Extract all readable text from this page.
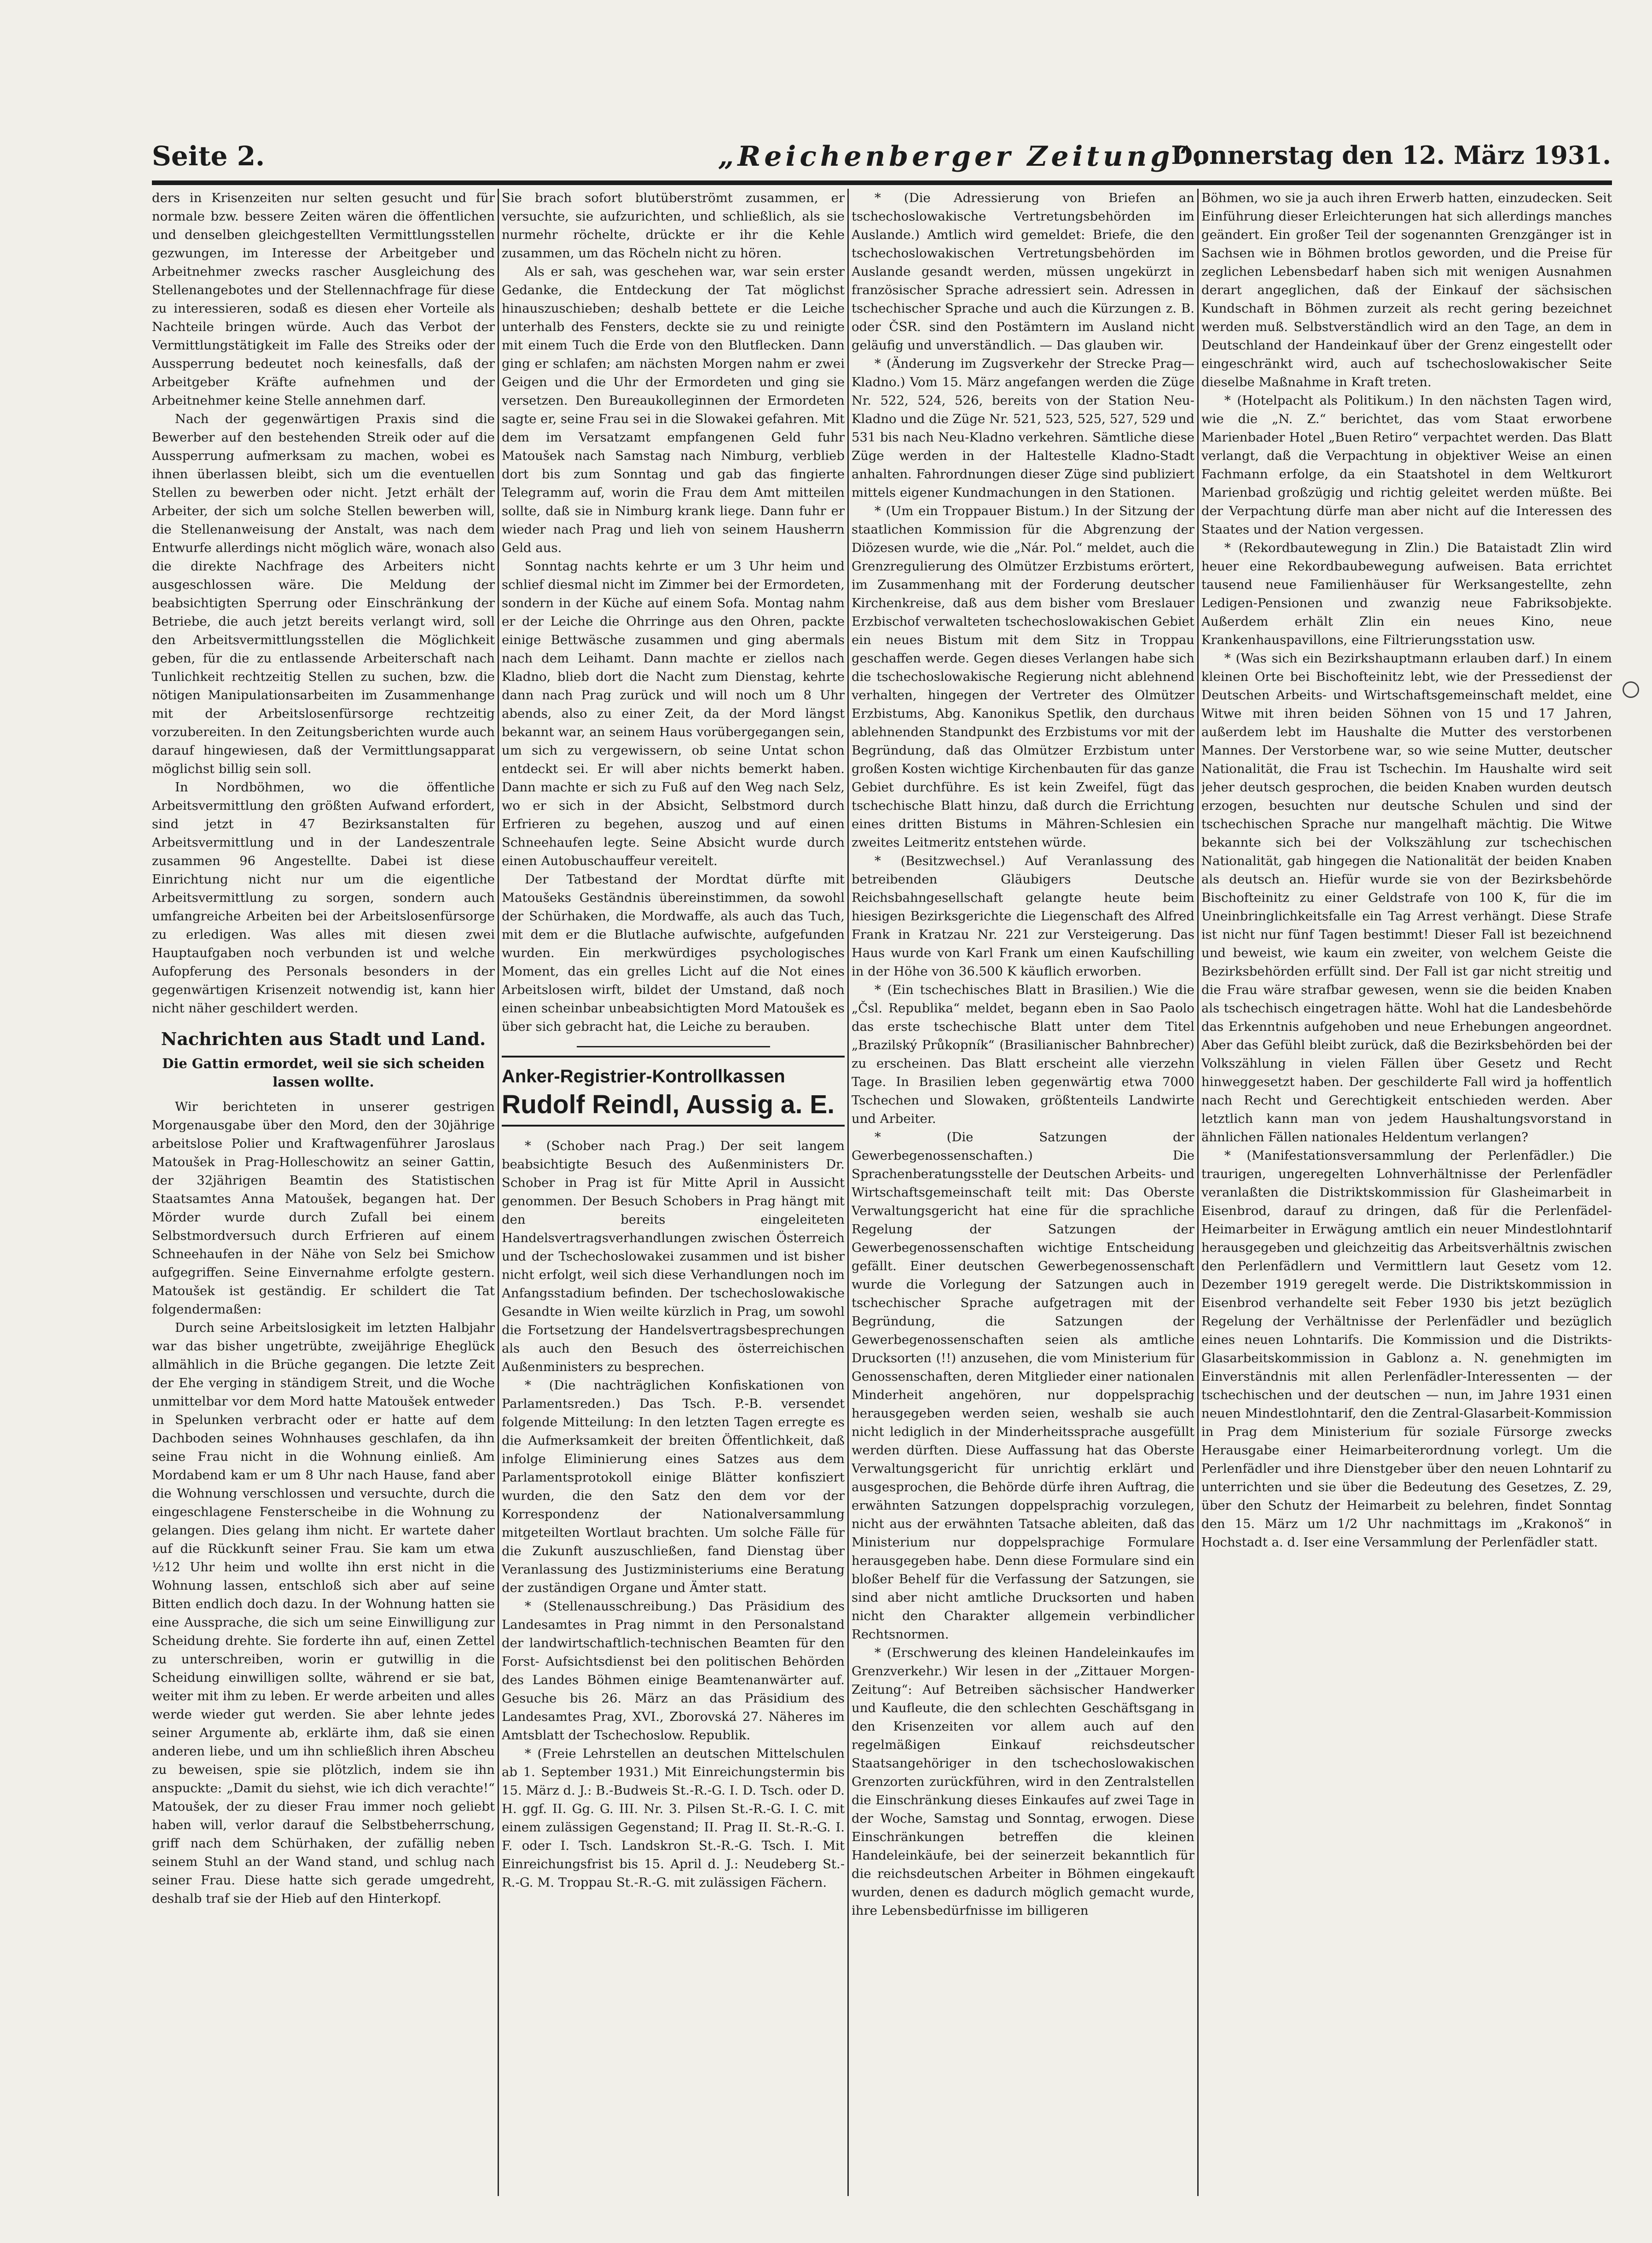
Seite 2.	„Reichenberger Zeitung“.
Donnerstag den 12. März 1931.

ders in Krisenzeiten nur selten gesucht und für normale bzw. bessere Zeiten wären die öffentlichen und denselben gleichgestellten Vermittlungsstellen gezwungen, im Interesse der Arbeitgeber und Arbeitnehmer zwecks rascher Ausgleichung des Stellenangebotes und der Stellennachfrage für diese zu interessieren, sodaß es diesen eher Vorteile als Nachteile bringen würde. Auch das Verbot der Vermittlungstätigkeit im Falle des Streiks oder der Aussperrung bedeutet noch keinesfalls, daß der Arbeitgeber Kräfte aufnehmen und der Arbeitnehmer keine Stelle annehmen darf.

Nach der gegenwärtigen Praxis sind die Bewerber auf den bestehenden Streik oder auf die Aussperrung aufmerksam zu machen, wobei es ihnen überlassen bleibt, sich um die eventuellen Stellen zu bewerben oder nicht. Jetzt erhält der Arbeiter, der sich um solche Stellen bewerben will, die Stellenanweisung der Anstalt, was nach dem Entwurfe allerdings nicht möglich wäre, wonach also die direkte Nachfrage des Arbeiters nicht ausgeschlossen wäre. Die Meldung der beabsichtigten Sperrung oder Einschränkung der Betriebe, die auch jetzt bereits verlangt wird, soll den Arbeitsvermittlungsstellen die Möglichkeit geben, für die zu entlassende Arbeiterschaft nach Tunlichkeit rechtzeitig Stellen zu suchen, bzw. die nötigen Manipulationsarbeiten im Zusammenhange mit der Arbeitslosenfürsorge rechtzeitig vorzubereiten. In den Zeitungsberichten wurde auch darauf hingewiesen, daß der Vermittlungsapparat möglichst billig sein soll.

In Nordböhmen, wo die öffentliche Arbeitsvermittlung den größten Aufwand erfordert, sind jetzt in 47 Bezirksanstalten für Arbeitsvermittlung und in der Landeszentrale zusammen 96 Angestellte. Dabei ist diese Einrichtung nicht nur um die eigentliche Arbeitsvermittlung zu sorgen, sondern auch umfangreiche Arbeiten bei der Arbeitslosenfürsorge zu erledigen. Was alles mit diesen zwei Hauptaufgaben noch verbunden ist und welche Aufopferung des Personals besonders in der gegenwärtigen Krisenzeit notwendig ist, kann hier nicht näher geschildert werden.

Nachrichten aus Stadt und Land.
Die Gattin ermordet, weil sie sich scheiden lassen wollte.

Wir berichteten in unserer gestrigen Morgenausgabe über den Mord, den der 30jährige arbeitslose Polier und Kraftwagenführer Jaroslaus Matoušek in Prag-Holleschowitz an seiner Gattin, der 32jährigen Beamtin des Statistischen Staatsamtes Anna Matoušek, begangen hat. Der Mörder wurde durch Zufall bei einem Selbstmordversuch durch Erfrieren auf einem Schneehaufen in der Nähe von Selz bei Smichow aufgegriffen. Seine Einvernahme erfolgte gestern. Matoušek ist geständig. Er schildert die Tat folgendermaßen:

Durch seine Arbeitslosigkeit im letzten Halbjahr war das bisher ungetrübte, zweijährige Eheglück allmählich in die Brüche gegangen. Die letzte Zeit der Ehe verging in ständigem Streit, und die Woche unmittelbar vor dem Mord hatte Matoušek entweder in Spelunken verbracht oder er hatte auf dem Dachboden seines Wohnhauses geschlafen, da ihn seine Frau nicht in die Wohnung einließ. Am Mordabend kam er um 8 Uhr nach Hause, fand aber die Wohnung verschlossen und versuchte, durch die eingeschlagene Fensterscheibe in die Wohnung zu gelangen. Dies gelang ihm nicht. Er wartete daher auf die Rückkunft seiner Frau. Sie kam um etwa ½12 Uhr heim und wollte ihn erst nicht in die Wohnung lassen, entschloß sich aber auf seine Bitten endlich doch dazu. In der Wohnung hatten sie eine Aussprache, die sich um seine Einwilligung zur Scheidung drehte. Sie forderte ihn auf, einen Zettel zu unterschreiben, worin er gutwillig in die Scheidung einwilligen sollte, während er sie bat, weiter mit ihm zu leben. Er werde arbeiten und alles werde wieder gut werden. Sie aber lehnte jedes seiner Argumente ab, erklärte ihm, daß sie einen anderen liebe, und um ihn schließlich ihren Abscheu zu beweisen, spie sie plötzlich, indem sie ihn anspuckte: „Damit du siehst, wie ich dich verachte!“ Matoušek, der zu dieser Frau immer noch geliebt haben will, verlor darauf die Selbstbeherrschung, griff nach dem Schürhaken, der zufällig neben seinem Stuhl an der Wand stand, und schlug nach seiner Frau. Diese hatte sich gerade umgedreht, deshalb traf sie der Hieb auf den Hinterkopf.

Sie brach sofort blutüberströmt zusammen, er versuchte, sie aufzurichten, und schließlich, als sie nurmehr röchelte, drückte er ihr die Kehle zusammen, um das Röcheln nicht zu hören.

Als er sah, was geschehen war, war sein erster Gedanke, die Entdeckung der Tat möglichst hinauszuschieben; deshalb bettete er die Leiche unterhalb des Fensters, deckte sie zu und reinigte mit einem Tuch die Erde von den Blutflecken. Dann ging er schlafen; am nächsten Morgen nahm er zwei Geigen und die Uhr der Ermordeten und ging sie versetzen. Den Bureaukolleginnen der Ermordeten sagte er, seine Frau sei in die Slowakei gefahren. Mit dem im Versatzamt empfangenen Geld fuhr Matoušek nach Samstag nach Nimburg, verblieb dort bis zum Sonntag und gab das fingierte Telegramm auf, worin die Frau dem Amt mitteilen sollte, daß sie in Nimburg krank liege. Dann fuhr er wieder nach Prag und lieh von seinem Hausherrn Geld aus.

Sonntag nachts kehrte er um 3 Uhr heim und schlief diesmal nicht im Zimmer bei der Ermordeten, sondern in der Küche auf einem Sofa. Montag nahm er der Leiche die Ohrringe aus den Ohren, packte einige Bettwäsche zusammen und ging abermals nach dem Leihamt. Dann machte er ziellos nach Kladno, blieb dort die Nacht zum Dienstag, kehrte dann nach Prag zurück und will noch um 8 Uhr abends, also zu einer Zeit, da der Mord längst bekannt war, an seinem Haus vorübergegangen sein, um sich zu vergewissern, ob seine Untat schon entdeckt sei. Er will aber nichts bemerkt haben. Dann machte er sich zu Fuß auf den Weg nach Selz, wo er sich in der Absicht, Selbstmord durch Erfrieren zu begehen, auszog und auf einen Schneehaufen legte. Seine Absicht wurde durch einen Autobuschauffeur vereitelt.

Der Tatbestand der Mordtat dürfte mit Matoušeks Geständnis übereinstimmen, da sowohl der Schürhaken, die Mordwaffe, als auch das Tuch, mit dem er die Blutlache aufwischte, aufgefunden wurden. Ein merkwürdiges psychologisches Moment, das ein grelles Licht auf die Not eines Arbeitslosen wirft, bildet der Umstand, daß noch einen scheinbar unbeabsichtigten Mord Matoušek es über sich gebracht hat, die Leiche zu berauben.

Anker-Registrier-Kontrollkassen
Rudolf Reindl, Aussig a. E.

* (Schober nach Prag.) Der seit langem beabsichtigte Besuch des Außenministers Dr. Schober in Prag ist für Mitte April in Aussicht genommen. Der Besuch Schobers in Prag hängt mit den bereits eingeleiteten Handelsvertragsverhandlungen zwischen Österreich und der Tschechoslowakei zusammen und ist bisher nicht erfolgt, weil sich diese Verhandlungen noch im Anfangsstadium befinden. Der tschechoslowakische Gesandte in Wien weilte kürzlich in Prag, um sowohl die Fortsetzung der Handelsvertragsbesprechungen als auch den Besuch des österreichischen Außenministers zu besprechen.

* (Die nachträglichen Konfiskationen von Parlamentsreden.) Das Tsch. P.-B. versendet folgende Mitteilung: In den letzten Tagen erregte es die Aufmerksamkeit der breiten Öffentlichkeit, daß infolge Eliminierung eines Satzes aus dem Parlamentsprotokoll einige Blätter konfisziert wurden, die den Satz den dem vor der Korrespondenz der Nationalversammlung mitgeteilten Wortlaut brachten. Um solche Fälle für die Zukunft auszuschließen, fand Dienstag über Veranlassung des Justizministeriums eine Beratung der zuständigen Organe und Ämter statt.

* (Stellenausschreibung.) Das Präsidium des Landesamtes in Prag nimmt in den Personalstand der landwirtschaftlich-technischen Beamten für den Forst- Aufsichtsdienst bei den politischen Behörden des Landes Böhmen einige Beamtenanwärter auf. Gesuche bis 26. März an das Präsidium des Landesamtes Prag, XVI., Zborovská 27. Näheres im Amtsblatt der Tschechoslow. Republik.

* (Freie Lehrstellen an deutschen Mittelschulen ab 1. September 1931.) Mit Einreichungstermin bis 15. März d. J.: B.-Budweis St.-R.-G. I. D. Tsch. oder D. H. ggf. II. Gg. G. III. Nr. 3. Pilsen St.-R.-G. I. C. mit einem zulässigen Gegenstand; II. Prag II. St.-R.-G. I. F. oder I. Tsch. Landskron St.-R.-G. Tsch. I. Mit Einreichungsfrist bis 15. April d. J.: Neudeberg St.-R.-G. M. Troppau St.-R.-G. mit zulässigen Fächern.

* (Die Adressierung von Briefen an tschechoslowakische Vertretungsbehörden im Auslande.) Amtlich wird gemeldet: Briefe, die den tschechoslowakischen Vertretungsbehörden im Auslande gesandt werden, müssen ungekürzt in französischer Sprache adressiert sein. Adressen in tschechischer Sprache und auch die Kürzungen z. B. oder ČSR. sind den Postämtern im Ausland nicht geläufig und unverständlich. — Das glauben wir.

* (Änderung im Zugsverkehr der Strecke Prag—Kladno.) Vom 15. März angefangen werden die Züge Nr. 522, 524, 526, bereits von der Station Neu-Kladno und die Züge Nr. 521, 523, 525, 527, 529 und 531 bis nach Neu-Kladno verkehren. Sämtliche diese Züge werden in der Haltestelle Kladno-Stadt anhalten. Fahrordnungen dieser Züge sind publiziert mittels eigener Kundmachungen in den Stationen.

* (Um ein Troppauer Bistum.) In der Sitzung der staatlichen Kommission für die Abgrenzung der Diözesen wurde, wie die „Nár. Pol.“ meldet, auch die Grenzregulierung des Olmützer Erzbistums erörtert, im Zusammenhang mit der Forderung deutscher Kirchenkreise, daß aus dem bisher vom Breslauer Erzbischof verwalteten tschechoslowakischen Gebiet ein neues Bistum mit dem Sitz in Troppau geschaffen werde. Gegen dieses Verlangen habe sich die tschechoslowakische Regierung nicht ablehnend verhalten, hingegen der Vertreter des Olmützer Erzbistums, Abg. Kanonikus Spetlik, den durchaus ablehnenden Standpunkt des Erzbistums vor mit der Begründung, daß das Olmützer Erzbistum unter großen Kosten wichtige Kirchenbauten für das ganze Gebiet durchführe. Es ist kein Zweifel, fügt das tschechische Blatt hinzu, daß durch die Errichtung eines dritten Bistums in Mähren-Schlesien ein zweites Leitmeritz entstehen würde.

* (Besitzwechsel.) Auf Veranlassung des betreibenden Gläubigers Deutsche Reichsbahngesellschaft gelangte heute beim hiesigen Bezirksgerichte die Liegenschaft des Alfred Frank in Kratzau Nr. 221 zur Versteigerung. Das Haus wurde von Karl Frank um einen Kaufschilling in der Höhe von 36.500 K käuflich erworben.

* (Ein tschechisches Blatt in Brasilien.) Wie die „Čsl. Republika“ meldet, begann eben in Sao Paolo das erste tschechische Blatt unter dem Titel „Brazilský Průkopník“ (Brasilianischer Bahnbrecher) zu erscheinen. Das Blatt erscheint alle vierzehn Tage. In Brasilien leben gegenwärtig etwa 7000 Tschechen und Slowaken, größtenteils Landwirte und Arbeiter.

* (Die Satzungen der Gewerbegenossenschaften.) Die Sprachenberatungsstelle der Deutschen Arbeits- und Wirtschaftsgemeinschaft teilt mit: Das Oberste Verwaltungsgericht hat eine für die sprachliche Regelung der Satzungen der Gewerbegenossenschaften wichtige Entscheidung gefällt. Einer deutschen Gewerbegenossenschaft wurde die Vorlegung der Satzungen auch in tschechischer Sprache aufgetragen mit der Begründung, die Satzungen der Gewerbegenossenschaften seien als amtliche Drucksorten (!!) anzusehen, die vom Ministerium für Genossenschaften, deren Mitglieder einer nationalen Minderheit angehören, nur doppelsprachig herausgegeben werden seien, weshalb sie auch nicht lediglich in der Minderheitssprache ausgefüllt werden dürften. Diese Auffassung hat das Oberste Verwaltungsgericht für unrichtig erklärt und ausgesprochen, die Behörde dürfe ihren Auftrag, die erwähnten Satzungen doppelsprachig vorzulegen, nicht aus der erwähnten Tatsache ableiten, daß das Ministerium nur doppelsprachige Formulare herausgegeben habe. Denn diese Formulare sind ein bloßer Behelf für die Verfassung der Satzungen, sie sind aber nicht amtliche Drucksorten und haben nicht den Charakter allgemein verbindlicher Rechtsnormen.

* (Erschwerung des kleinen Handeleinkaufes im Grenzverkehr.) Wir lesen in der „Zittauer Morgen-Zeitung“: Auf Betreiben sächsischer Handwerker und Kaufleute, die den schlechten Geschäftsgang in den Krisenzeiten vor allem auch auf den regelmäßigen Einkauf reichsdeutscher Staatsangehöriger in den tschechoslowakischen Grenzorten zurückführen, wird in den Zentralstellen die Einschränkung dieses Einkaufes auf zwei Tage in der Woche, Samstag und Sonntag, erwogen. Diese Einschränkungen betreffen die kleinen Handeleinkäufe, bei der seinerzeit bekanntlich für die reichsdeutschen Arbeiter in Böhmen eingekauft wurden, denen es dadurch möglich gemacht wurde, ihre Lebensbedürfnisse im billigeren

Böhmen, wo sie ja auch ihren Erwerb hatten, einzudecken. Seit Einführung dieser Erleichterungen hat sich allerdings manches geändert. Ein großer Teil der sogenannten Grenzgänger ist in Sachsen wie in Böhmen brotlos geworden, und die Preise für zeglichen Lebensbedarf haben sich mit wenigen Ausnahmen derart angeglichen, daß der Einkauf der sächsischen Kundschaft in Böhmen zurzeit als recht gering bezeichnet werden muß. Selbstverständlich wird an den Tage, an dem in Deutschland der Handeinkauf über der Grenz eingestellt oder eingeschränkt wird, auch auf tschechoslowakischer Seite dieselbe Maßnahme in Kraft treten.

* (Hotelpacht als Politikum.) In den nächsten Tagen wird, wie die „N. Z.“ berichtet, das vom Staat erworbene Marienbader Hotel „Buen Retiro“ verpachtet werden. Das Blatt verlangt, daß die Verpachtung in objektiver Weise an einen Fachmann erfolge, da ein Staatshotel in dem Weltkurort Marienbad großzügig und richtig geleitet werden müßte. Bei der Verpachtung dürfe man aber nicht auf die Interessen des Staates und der Nation vergessen.

* (Rekordbautewegung in Zlin.) Die Bataistadt Zlin wird heuer eine Rekordbaubewegung aufweisen. Bata errichtet tausend neue Familienhäuser für Werksangestellte, zehn Ledigen-Pensionen und zwanzig neue Fabriksobjekte. Außerdem erhält Zlin ein neues Kino, neue Krankenhauspavillons, eine Filtrierungsstation usw.

* (Was sich ein Bezirkshauptmann erlauben darf.) In einem kleinen Orte bei Bischofteinitz lebt, wie der Pressedienst der Deutschen Arbeits- und Wirtschaftsgemeinschaft meldet, eine Witwe mit ihren beiden Söhnen von 15 und 17 Jahren, außerdem lebt im Haushalte die Mutter des verstorbenen Mannes. Der Verstorbene war, so wie seine Mutter, deutscher Nationalität, die Frau ist Tschechin. Im Haushalte wird seit jeher deutsch gesprochen, die beiden Knaben wurden deutsch erzogen, besuchten nur deutsche Schulen und sind der tschechischen Sprache nur mangelhaft mächtig. Die Witwe bekannte sich bei der Volkszählung zur tschechischen Nationalität, gab hingegen die Nationalität der beiden Knaben als deutsch an. Hiefür wurde sie von der Bezirksbehörde Bischofteinitz zu einer Geldstrafe von 100 K, für die im Uneinbringlichkeitsfalle ein Tag Arrest verhängt. Diese Strafe ist nicht nur fünf Tagen bestimmt! Dieser Fall ist bezeichnend und beweist, wie kaum ein zweiter, von welchem Geiste die Bezirksbehörden erfüllt sind. Der Fall ist gar nicht streitig und die Frau wäre strafbar gewesen, wenn sie die beiden Knaben als tschechisch eingetragen hätte. Wohl hat die Landesbehörde das Erkenntnis aufgehoben und neue Erhebungen angeordnet. Aber das Gefühl bleibt zurück, daß die Bezirksbehörden bei der Volkszählung in vielen Fällen über Gesetz und Recht hinweggesetzt haben. Der geschilderte Fall wird ja hoffentlich nach Recht und Gerechtigkeit entschieden werden. Aber letztlich kann man von jedem Haushaltungsvorstand in ähnlichen Fällen nationales Heldentum verlangen?

* (Manifestationsversammlung der Perlenfädler.) Die traurigen, ungeregelten Lohnverhältnisse der Perlenfädler veranlaßten die Distriktskommission für Glasheimarbeit in Eisenbrod, darauf zu dringen, daß für die Perlenfädel-Heimarbeiter in Erwägung amtlich ein neuer Mindestlohntarif herausgegeben und gleichzeitig das Arbeitsverhältnis zwischen den Perlenfädlern und Vermittlern laut Gesetz vom 12. Dezember 1919 geregelt werde. Die Distriktskommission in Eisenbrod verhandelte seit Feber 1930 bis jetzt bezüglich Regelung der Verhältnisse der Perlenfädler und bezüglich eines neuen Lohntarifs. Die Kommission und die Distrikts-Glasarbeitskommission in Gablonz a. N. genehmigten im Einverständnis mit allen Perlenfädler-Interessenten — der tschechischen und der deutschen — nun, im Jahre 1931 einen neuen Mindestlohntarif, den die Zentral-Glasarbeit-Kommission in Prag dem Ministerium für soziale Fürsorge zwecks Herausgabe einer Heimarbeiterordnung vorlegt. Um die Perlenfädler und ihre Dienstgeber über den neuen Lohntarif zu unterrichten und sie über die Bedeutung des Gesetzes, Z. 29, über den Schutz der Heimarbeit zu belehren, findet Sonntag den 15. März um 1/2 Uhr nachmittags im „Krakonoš“ in Hochstadt a. d. Iser eine Versammlung der Perlenfädler statt.
